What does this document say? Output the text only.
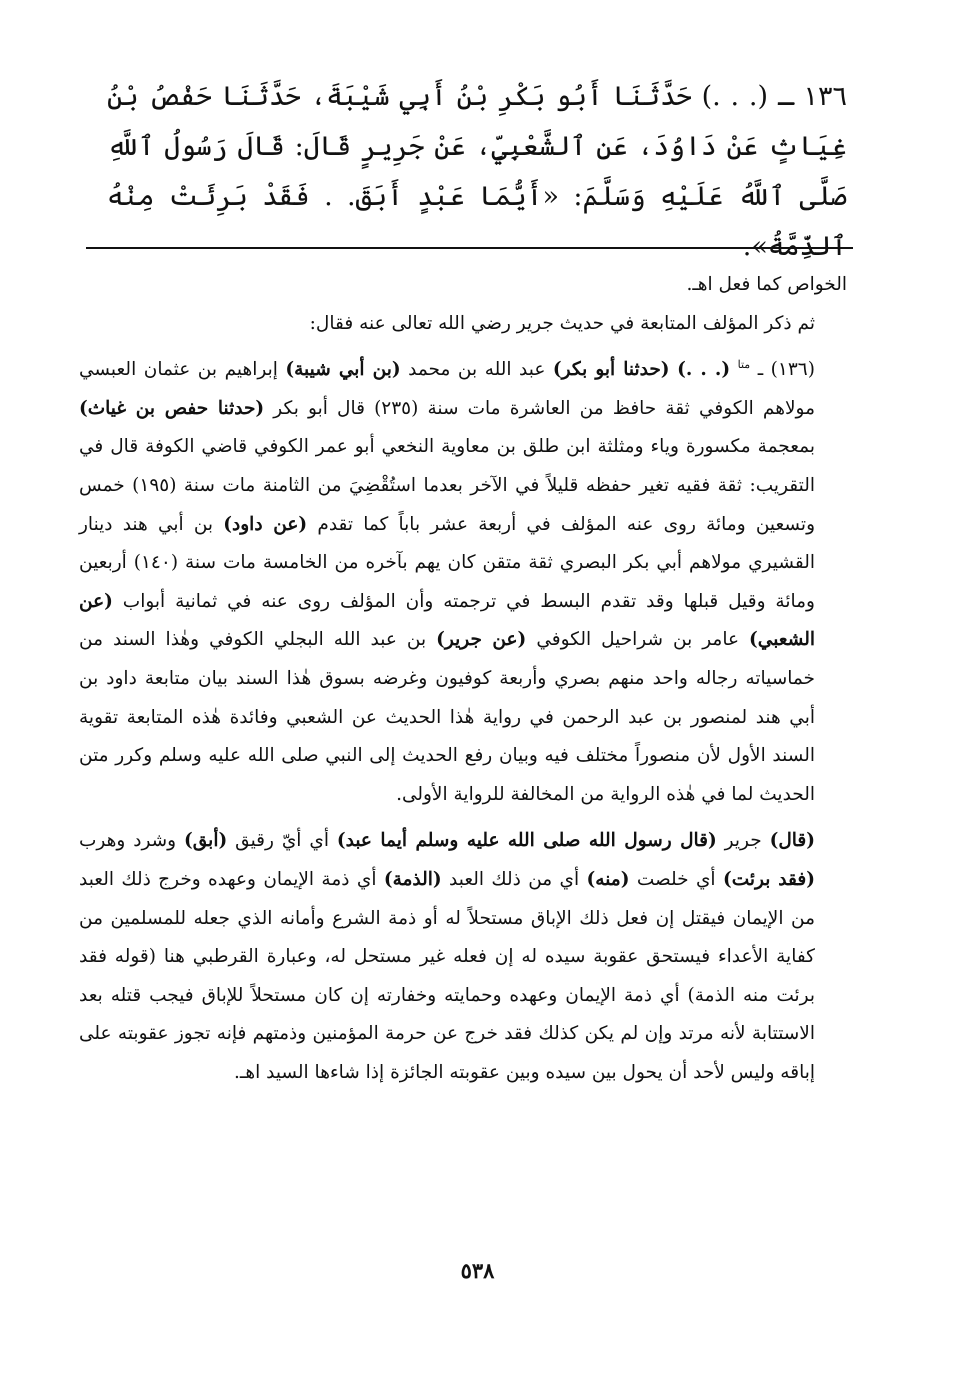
١٣٦ ـ (. . .) حَدَّثَنَا أَبُو بَكْرِ بْنُ أَبِي شَيْبَةَ، حَدَّثَنَا حَفْصُ بْنُ غِيَاثٍ عَنْ دَاوُدَ، عَنِ ٱلشَّعْبِيِّ، عَنْ جَرِيرٍ قَالَ: قَالَ رَسُولُ ٱللَّهِ صَلَّى ٱللَّهُ عَلَيْهِ وَسَلَّمَ: «أَيُّمَا عَبْدٍ أَبَقَ. . فَقَدْ بَرِئَتْ مِنْهُ ٱلذِّمَّةُ».

الخواص كما فعل اهـ.

ثم ذكر المؤلف المتابعة في حديث جرير رضي الله تعالى عنه فقال:

(١٣٦) ـ $^{متا}$ (. . .) (حدثنا أبو بكر) عبد الله بن محمد (بن أبي شيبة) إبراهيم بن عثمان العبسي مولاهم الكوفي ثقة حافظ من العاشرة مات سنة (٢٣٥) قال أبو بكر (حدثنا حفص بن غياث) بمعجمة مكسورة وياء ومثلثة ابن طلق بن معاوية النخعي أبو عمر الكوفي قاضي الكوفة قال في التقريب: ثقة فقيه تغير حفظه قليلاً في الآخر بعدما استُقْضِيَ من الثامنة مات سنة (١٩٥) خمس وتسعين ومائة روى عنه المؤلف في أربعة عشر باباً كما تقدم (عن داود) بن أبي هند دينار القشيري مولاهم أبي بكر البصري ثقة متقن كان يهم بآخره من الخامسة مات سنة (١٤٠) أربعين ومائة وقيل قبلها وقد تقدم البسط في ترجمته وأن المؤلف روى عنه في ثمانية أبواب (عن الشعبي) عامر بن شراحيل الكوفي (عن جرير) بن عبد الله البجلي الكوفي وهٰذا السند من خماسياته رجاله واحد منهم بصري وأربعة كوفيون وغرضه بسوق هٰذا السند بيان متابعة داود بن أبي هند لمنصور بن عبد الرحمن في رواية هٰذا الحديث عن الشعبي وفائدة هٰذه المتابعة تقوية السند الأول لأن منصوراً مختلف فيه وبيان رفع الحديث إلى النبي صلى الله عليه وسلم وكرر متن الحديث لما في هٰذه الرواية من المخالفة للرواية الأولى.

(قال) جرير (قال رسول الله صلى الله عليه وسلم أيما عبد) أي أيّ رقيق (أبق) وشرد وهرب (فقد برئت) أي خلصت (منه) أي من ذلك العبد (الذمة) أي ذمة الإيمان وعهده وخرج ذلك العبد من الإيمان فيقتل إن فعل ذلك الإباق مستحلاً له أو ذمة الشرع وأمانه الذي جعله للمسلمين من كفاية الأعداء فيستحق عقوبة سيده له إن فعله غير مستحل له، وعبارة القرطبي هنا (قوله فقد برئت منه الذمة) أي ذمة الإيمان وعهده وحمايته وخفارته إن كان مستحلاً للإباق فيجب قتله بعد الاستتابة لأنه مرتد وإن لم يكن كذلك فقد خرج عن حرمة المؤمنين وذمتهم فإنه تجوز عقوبته على إباقه وليس لأحد أن يحول بين سيده وبين عقوبته الجائزة إذا شاءها السيد اهـ.

٥٣٨
